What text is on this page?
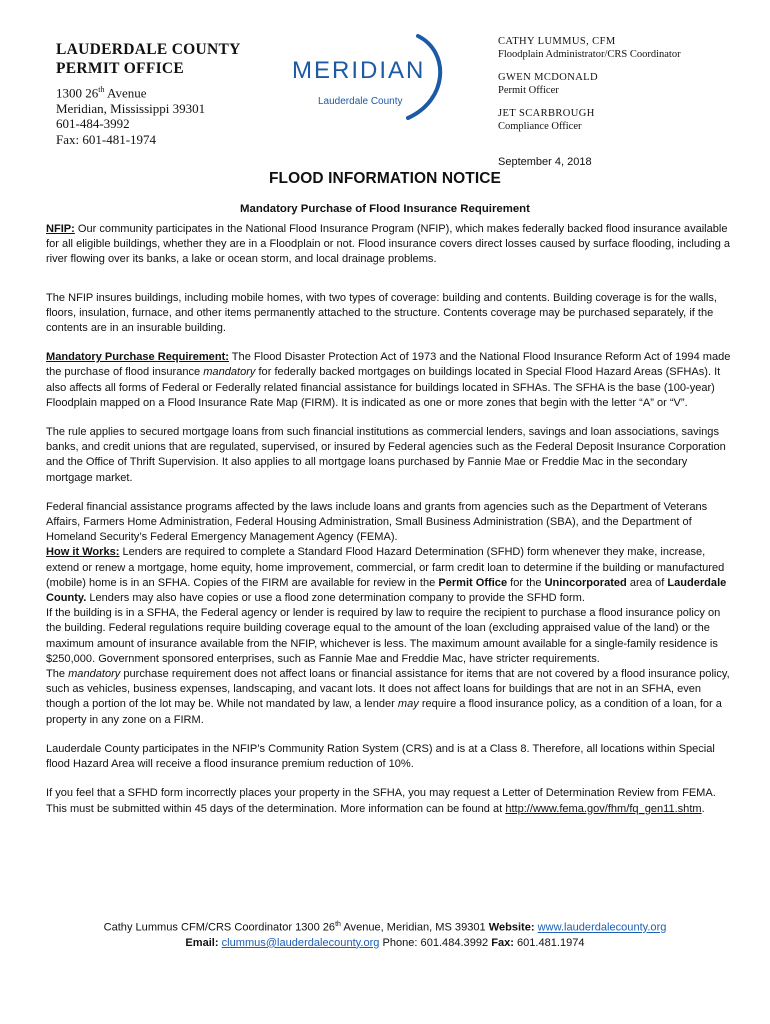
LAUDERDALE COUNTY
PERMIT OFFICE
1300 26th Avenue
Meridian, Mississippi 39301
601-484-3992
Fax: 601-481-1974
MERIDIAN
Lauderdale County
CATHY LUMMUS, CFM
Floodplain Administrator/CRS Coordinator
GWEN MCDONALD
Permit Officer
JET SCARBROUGH
Compliance Officer
September 4, 2018
FLOOD INFORMATION NOTICE
Mandatory Purchase of Flood Insurance Requirement

NFIP: Our community participates in the National Flood Insurance Program (NFIP), which makes federally backed flood insurance available for all eligible buildings, whether they are in a Floodplain or not. Flood insurance covers direct losses caused by surface flooding, including a river flowing over its banks, a lake or ocean storm, and local drainage problems.

The NFIP insures buildings, including mobile homes, with two types of coverage: building and contents. Building coverage is for the walls, floors, insulation, furnace, and other items permanently attached to the structure. Contents coverage may be purchased separately, if the contents are in an insurable building.

Mandatory Purchase Requirement: The Flood Disaster Protection Act of 1973 and the National Flood Insurance Reform Act of 1994 made the purchase of flood insurance mandatory for federally backed mortgages on buildings located in Special Flood Hazard Areas (SFHAs). It also affects all forms of Federal or Federally related financial assistance for buildings located in SFHAs. The SFHA is the base (100-year) Floodplain mapped on a Flood Insurance Rate Map (FIRM). It is indicated as one or more zones that begin with the letter “A” or “V”.

The rule applies to secured mortgage loans from such financial institutions as commercial lenders, savings and loan associations, savings banks, and credit unions that are regulated, supervised, or insured by Federal agencies such as the Federal Deposit Insurance Corporation and the Office of Thrift Supervision. It also applies to all mortgage loans purchased by Fannie Mae or Freddie Mac in the secondary mortgage market.

Federal financial assistance programs affected by the laws include loans and grants from agencies such as the Department of Veterans Affairs, Farmers Home Administration, Federal Housing Administration, Small Business Administration (SBA), and the Department of Homeland Security’s Federal Emergency Management Agency (FEMA).

How it Works: Lenders are required to complete a Standard Flood Hazard Determination (SFHD) form whenever they make, increase, extend or renew a mortgage, home equity, home improvement, commercial, or farm credit loan to determine if the building or manufactured (mobile) home is in an SFHA. Copies of the FIRM are available for review in the Permit Office for the Unincorporated area of Lauderdale County. Lenders may also have copies or use a flood zone determination company to provide the SFHD form.

If the building is in a SFHA, the Federal agency or lender is required by law to require the recipient to purchase a flood insurance policy on the building. Federal regulations require building coverage equal to the amount of the loan (excluding appraised value of the land) or the maximum amount of insurance available from the NFIP, whichever is less. The maximum amount available for a single-family residence is $250,000. Government sponsored enterprises, such as Fannie Mae and Freddie Mac, have stricter requirements.

The mandatory purchase requirement does not affect loans or financial assistance for items that are not covered by a flood insurance policy, such as vehicles, business expenses, landscaping, and vacant lots. It does not affect loans for buildings that are not in an SFHA, even though a portion of the lot may be. While not mandated by law, a lender may require a flood insurance policy, as a condition of a loan, for a property in any zone on a FIRM.

Lauderdale County participates in the NFIP’s Community Ration System (CRS) and is at a Class 8. Therefore, all locations within Special flood Hazard Area will receive a flood insurance premium reduction of 10%.

If you feel that a SFHD form incorrectly places your property in the SFHA, you may request a Letter of Determination Review from FEMA. This must be submitted within 45 days of the determination. More information can be found at http://www.fema.gov/fhm/fq_gen11.shtm.

Cathy Lummus CFM/CRS Coordinator 1300 26th Avenue, Meridian, MS 39301 Website: www.lauderdalecounty.org
Email: clummus@lauderdalecounty.org Phone: 601.484.3992 Fax: 601.481.1974
